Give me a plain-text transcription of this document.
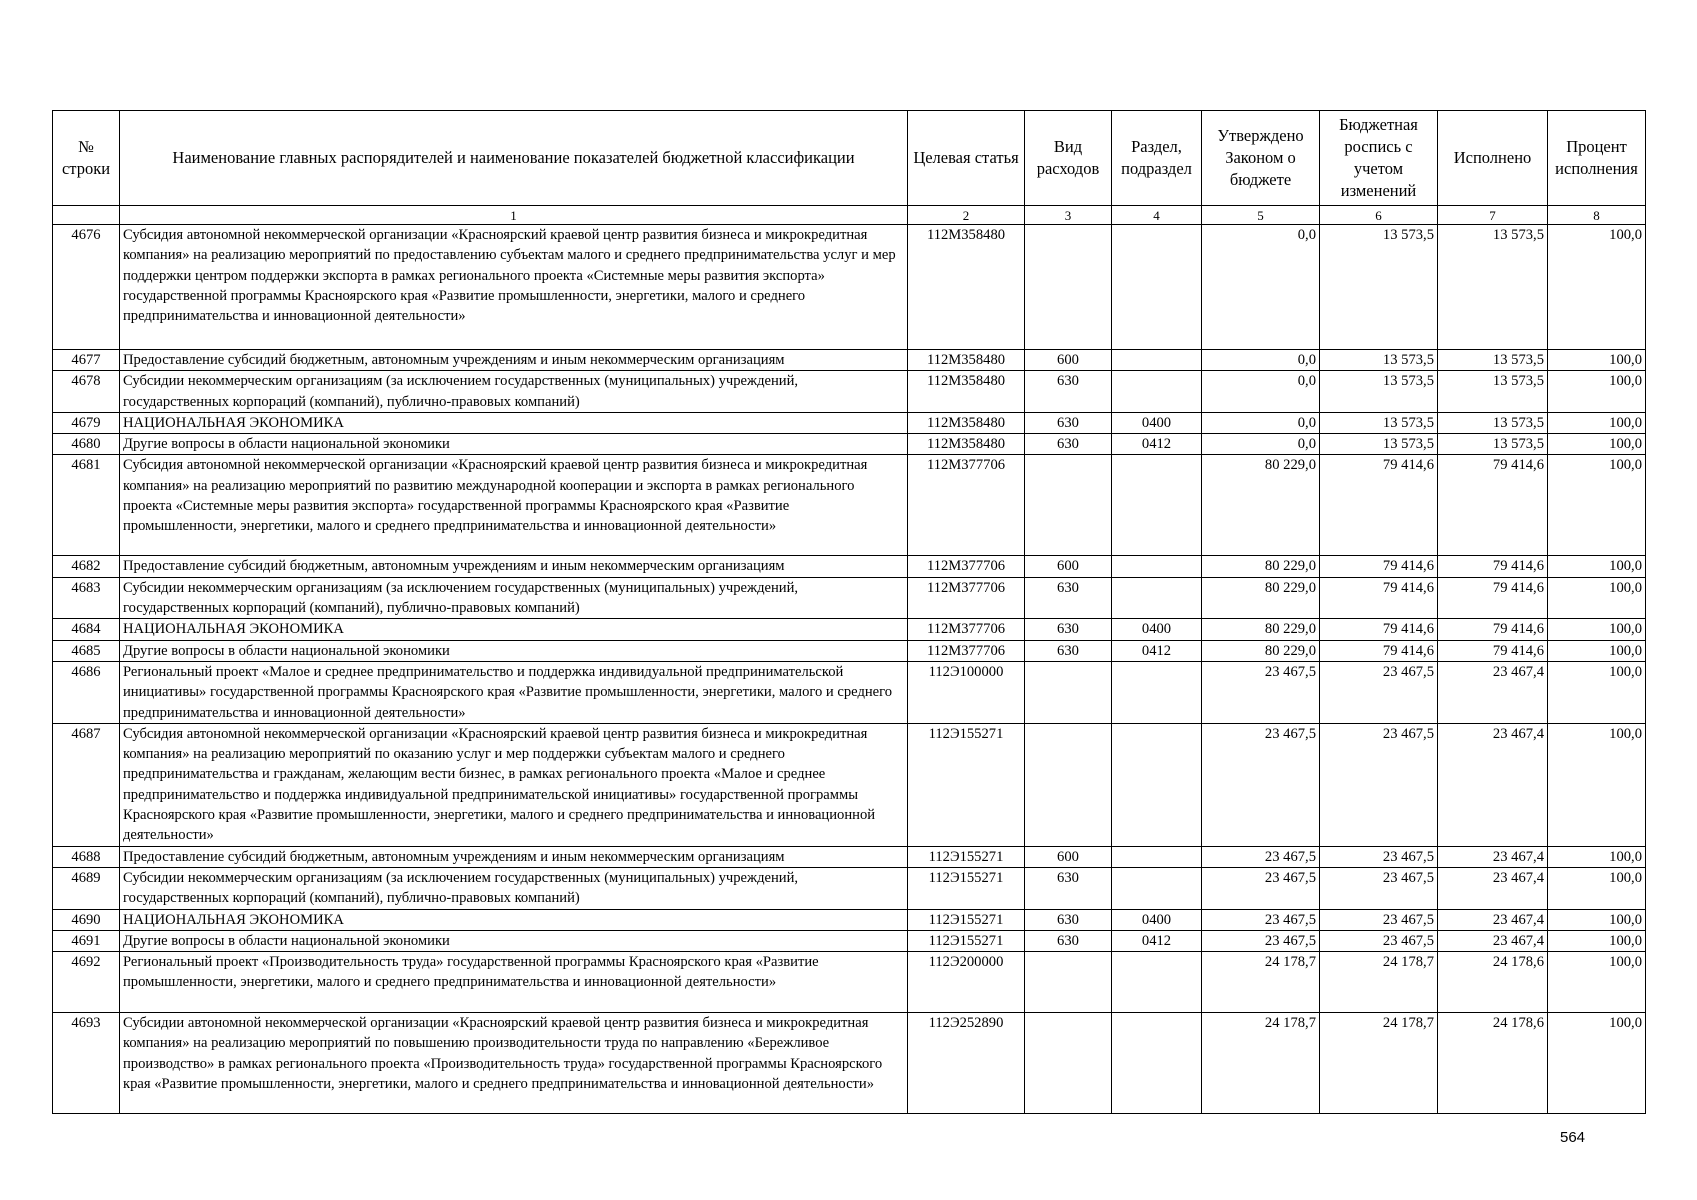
№ строки	Наименование главных распорядителей и наименование показателей бюджетной классификации	Целевая статья	Вид расходов	Раздел, подраздел	Утверждено Законом о бюджете	Бюджетная роспись с учетом изменений	Исполнено	Процент исполнения
	1	2	3	4	5	6	7	8
4676	Субсидия автономной некоммерческой организации «Красноярский краевой центр развития бизнеса и микрокредитная компания» на реализацию мероприятий по предоставлению субъектам малого и среднего предпринимательства услуг и мер поддержки центром поддержки экспорта в рамках регионального проекта «Системные меры развития экспорта» государственной программы Красноярского края «Развитие промышленности, энергетики, малого и среднего предпринимательства и инновационной деятельности»	112M358480			0,0	13 573,5	13 573,5	100,0
4677	Предоставление субсидий бюджетным, автономным учреждениям и иным некоммерческим организациям	112M358480	600		0,0	13 573,5	13 573,5	100,0
4678	Субсидии некоммерческим организациям (за исключением государственных (муниципальных) учреждений, государственных корпораций (компаний), публично-правовых компаний)	112M358480	630		0,0	13 573,5	13 573,5	100,0
4679	НАЦИОНАЛЬНАЯ ЭКОНОМИКА	112M358480	630	0400	0,0	13 573,5	13 573,5	100,0
4680	Другие вопросы в области национальной экономики	112M358480	630	0412	0,0	13 573,5	13 573,5	100,0
4681	Субсидия автономной некоммерческой организации «Красноярский краевой центр развития бизнеса и микрокредитная компания» на реализацию мероприятий по развитию международной кооперации и экспорта в рамках регионального проекта «Системные меры развития экспорта» государственной программы Красноярского края «Развитие промышленности, энергетики, малого и среднего предпринимательства и инновационной деятельности»	112M377706			80 229,0	79 414,6	79 414,6	100,0
4682	Предоставление субсидий бюджетным, автономным учреждениям и иным некоммерческим организациям	112M377706	600		80 229,0	79 414,6	79 414,6	100,0
4683	Субсидии некоммерческим организациям (за исключением государственных (муниципальных) учреждений, государственных корпораций (компаний), публично-правовых компаний)	112M377706	630		80 229,0	79 414,6	79 414,6	100,0
4684	НАЦИОНАЛЬНАЯ ЭКОНОМИКА	112M377706	630	0400	80 229,0	79 414,6	79 414,6	100,0
4685	Другие вопросы в области национальной экономики	112M377706	630	0412	80 229,0	79 414,6	79 414,6	100,0
4686	Региональный проект «Малое и среднее предпринимательство и поддержка индивидуальной предпринимательской инициативы» государственной программы Красноярского края «Развитие промышленности, энергетики, малого и среднего предпринимательства и инновационной деятельности»	112Э100000			23 467,5	23 467,5	23 467,4	100,0
4687	Субсидия автономной некоммерческой организации «Красноярский краевой центр развития бизнеса и микрокредитная компания» на реализацию мероприятий по оказанию услуг и мер поддержки субъектам малого и среднего предпринимательства и гражданам, желающим вести бизнес, в рамках регионального проекта «Малое и среднее предпринимательство и поддержка индивидуальной предпринимательской инициативы» государственной программы Красноярского края «Развитие промышленности, энергетики, малого и среднего предпринимательства и инновационной деятельности»	112Э155271			23 467,5	23 467,5	23 467,4	100,0
4688	Предоставление субсидий бюджетным, автономным учреждениям и иным некоммерческим организациям	112Э155271	600		23 467,5	23 467,5	23 467,4	100,0
4689	Субсидии некоммерческим организациям (за исключением государственных (муниципальных) учреждений, государственных корпораций (компаний), публично-правовых компаний)	112Э155271	630		23 467,5	23 467,5	23 467,4	100,0
4690	НАЦИОНАЛЬНАЯ ЭКОНОМИКА	112Э155271	630	0400	23 467,5	23 467,5	23 467,4	100,0
4691	Другие вопросы в области национальной экономики	112Э155271	630	0412	23 467,5	23 467,5	23 467,4	100,0
4692	Региональный проект «Производительность труда» государственной программы Красноярского края «Развитие промышленности, энергетики, малого и среднего предпринимательства и инновационной деятельности»	112Э200000			24 178,7	24 178,7	24 178,6	100,0
4693	Субсидии автономной некоммерческой организации «Красноярский краевой центр развития бизнеса и микрокредитная компания» на реализацию мероприятий по повышению производительности труда по направлению «Бережливое производство» в рамках регионального проекта «Производительность труда» государственной программы Красноярского края «Развитие промышленности, энергетики, малого и среднего предпринимательства и инновационной деятельности»	112Э252890			24 178,7	24 178,7	24 178,6	100,0
564
